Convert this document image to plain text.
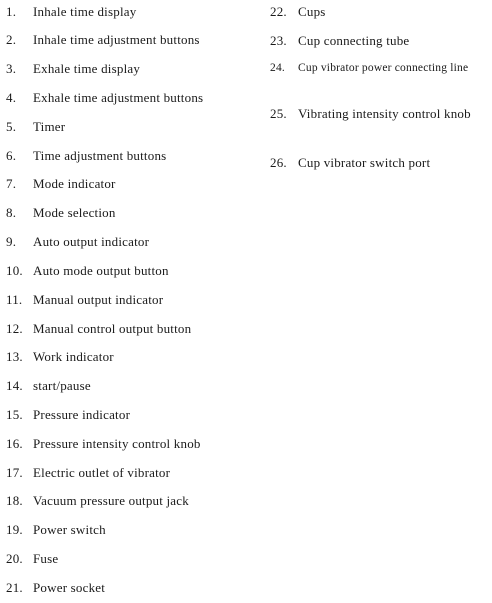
1. Inhale time display
2. Inhale time adjustment buttons
3. Exhale time display
4. Exhale time adjustment buttons
5. Timer
6. Time adjustment buttons
7. Mode indicator
8. Mode selection
9. Auto output indicator
10. Auto mode output button
11. Manual output indicator
12. Manual control output button
13. Work indicator
14. start/pause
15. Pressure indicator
16. Pressure intensity control knob
17. Electric outlet of vibrator
18. Vacuum pressure output jack
19. Power switch
20. Fuse
21. Power socket
22. Cups
23. Cup connecting tube
24. Cup vibrator power connecting line
25. Vibrating intensity control knob
26. Cup vibrator switch port
